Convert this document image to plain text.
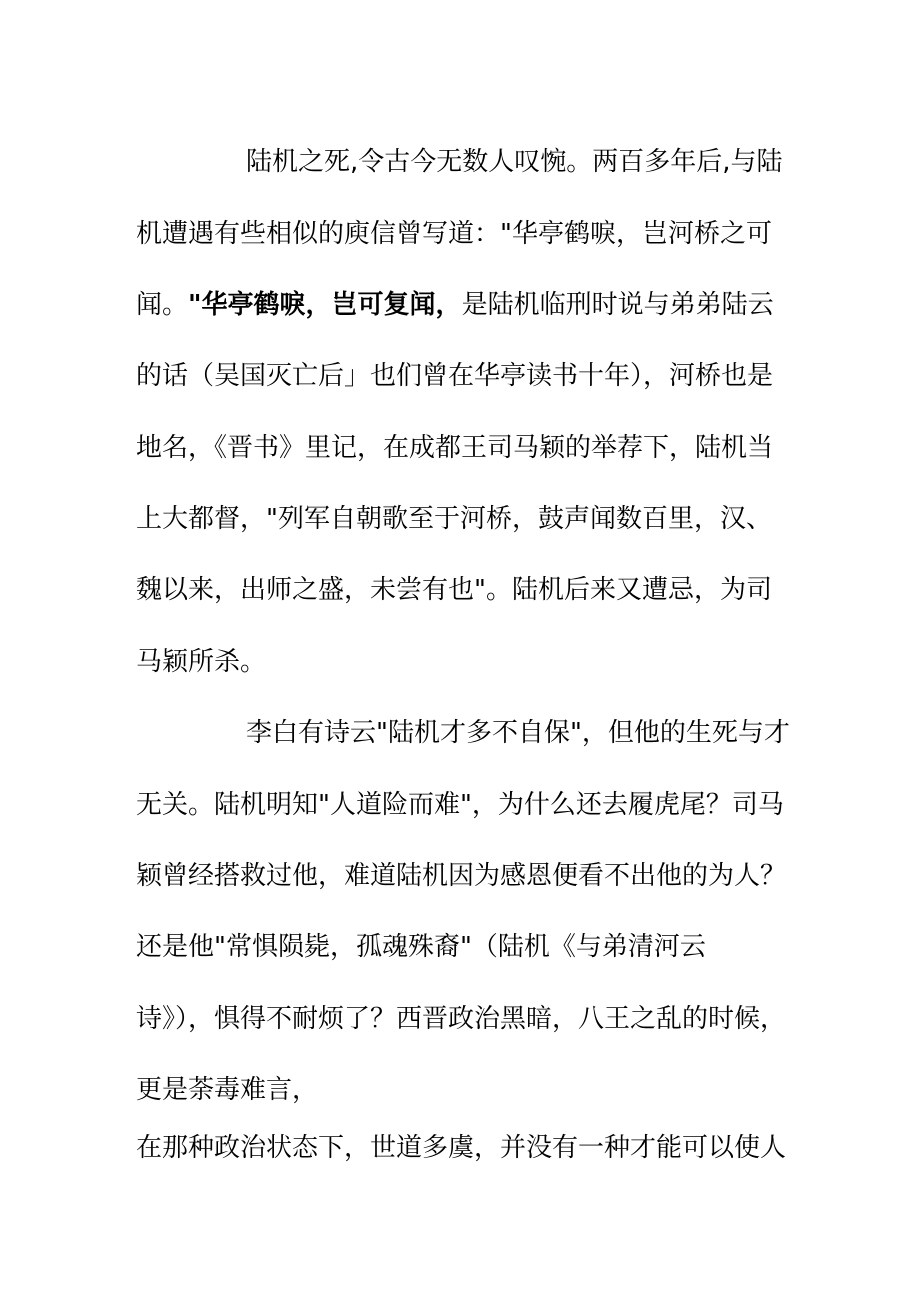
陆机之死,令古今无数人叹惋。两百多年后,与陆
机遭遇有些相似的庾信曾写道："华亭鹤唳，岂河桥之可
闻。"华亭鹤唳，岂可复闻，是陆机临刑时说与弟弟陆云
的话（吴国灭亡后」也们曾在华亭读书十年），河桥也是
地名，《晋书》里记，在成都王司马颖的举荐下，陆机当
上大都督，"列军自朝歌至于河桥，鼓声闻数百里，汉、
魏以来，出师之盛，未尝有也"。陆机后来又遭忌，为司
马颖所杀。
李白有诗云"陆机才多不自保"，但他的生死与才
无关。陆机明知"人道险而难"，为什么还去履虎尾？司马
颖曾经搭救过他，难道陆机因为感恩便看不出他的为人？
还是他"常惧陨毙，孤魂殊裔"（陆机《与弟清河云
诗》），惧得不耐烦了？西晋政治黑暗，八王之乱的时候，
更是荼毒难言，
在那种政治状态下，世道多虞，并没有一种才能可以使人
